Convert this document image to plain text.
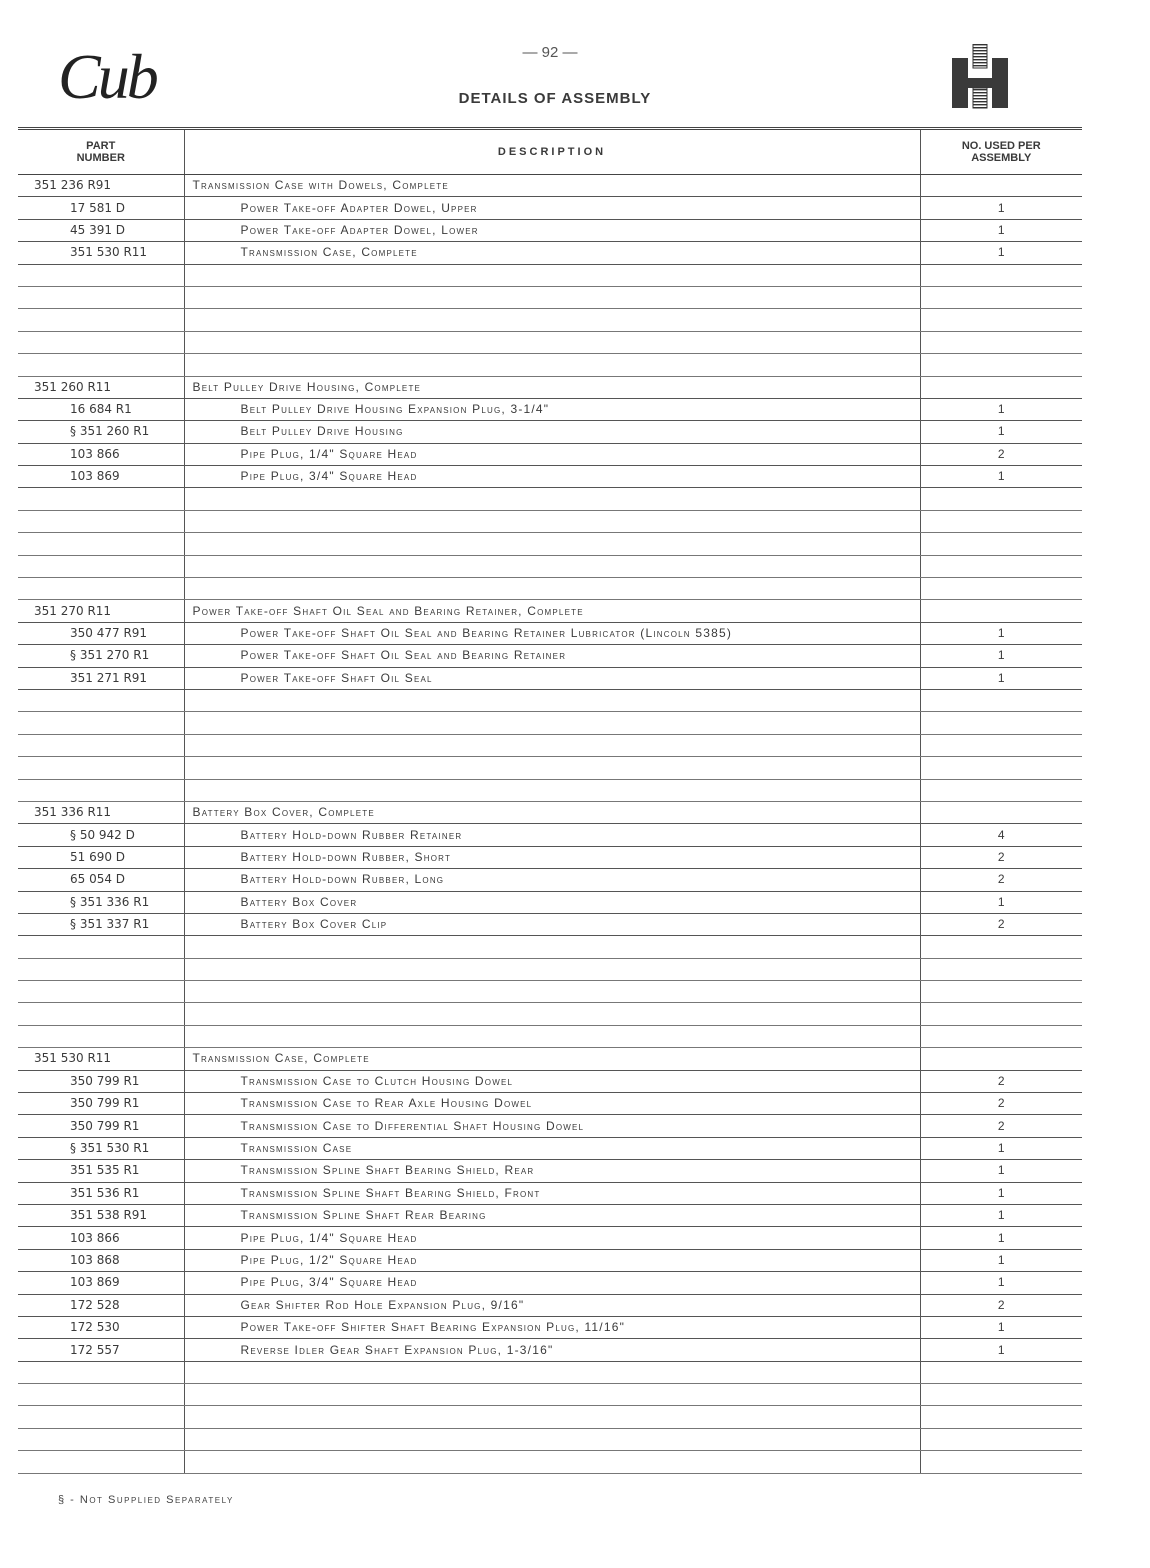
Cub	— 92 —
DETAILS OF ASSEMBLY
PART
NUMBER	DESCRIPTION	NO. USED PER
ASSEMBLY
351 236 R91	Transmission Case with Dowels, Complete	
17 581 D	Power Take-off Adapter Dowel, Upper	1
45 391 D	Power Take-off Adapter Dowel, Lower	1
351 530 R11	Transmission Case, Complete	1

351 260 R11	Belt Pulley Drive Housing, Complete	
16 684 R1	Belt Pulley Drive Housing Expansion Plug, 3-1/4"	1
§ 351 260 R1	Belt Pulley Drive Housing	1
103 866	Pipe Plug, 1/4" Square Head	2
103 869	Pipe Plug, 3/4" Square Head	1

351 270 R11	Power Take-off Shaft Oil Seal and Bearing Retainer, Complete	
350 477 R91	Power Take-off Shaft Oil Seal and Bearing Retainer Lubricator (Lincoln 5385)	1
§ 351 270 R1	Power Take-off Shaft Oil Seal and Bearing Retainer	1
351 271 R91	Power Take-off Shaft Oil Seal	1

351 336 R11	Battery Box Cover, Complete	
§ 50 942 D	Battery Hold-down Rubber Retainer	4
51 690 D	Battery Hold-down Rubber, Short	2
65 054 D	Battery Hold-down Rubber, Long	2
§ 351 336 R1	Battery Box Cover	1
§ 351 337 R1	Battery Box Cover Clip	2

351 530 R11	Transmission Case, Complete	
350 799 R1	Transmission Case to Clutch Housing Dowel	2
350 799 R1	Transmission Case to Rear Axle Housing Dowel	2
350 799 R1	Transmission Case to Differential Shaft Housing Dowel	2
§ 351 530 R1	Transmission Case	1
351 535 R1	Transmission Spline Shaft Bearing Shield, Rear	1
351 536 R1	Transmission Spline Shaft Bearing Shield, Front	1
351 538 R91	Transmission Spline Shaft Rear Bearing	1
103 866	Pipe Plug, 1/4" Square Head	1
103 868	Pipe Plug, 1/2" Square Head	1
103 869	Pipe Plug, 3/4" Square Head	1
172 528	Gear Shifter Rod Hole Expansion Plug, 9/16"	2
172 530	Power Take-off Shifter Shaft Bearing Expansion Plug, 11/16"	1
172 557	Reverse Idler Gear Shaft Expansion Plug, 1-3/16"	1

§ - Not Supplied Separately
